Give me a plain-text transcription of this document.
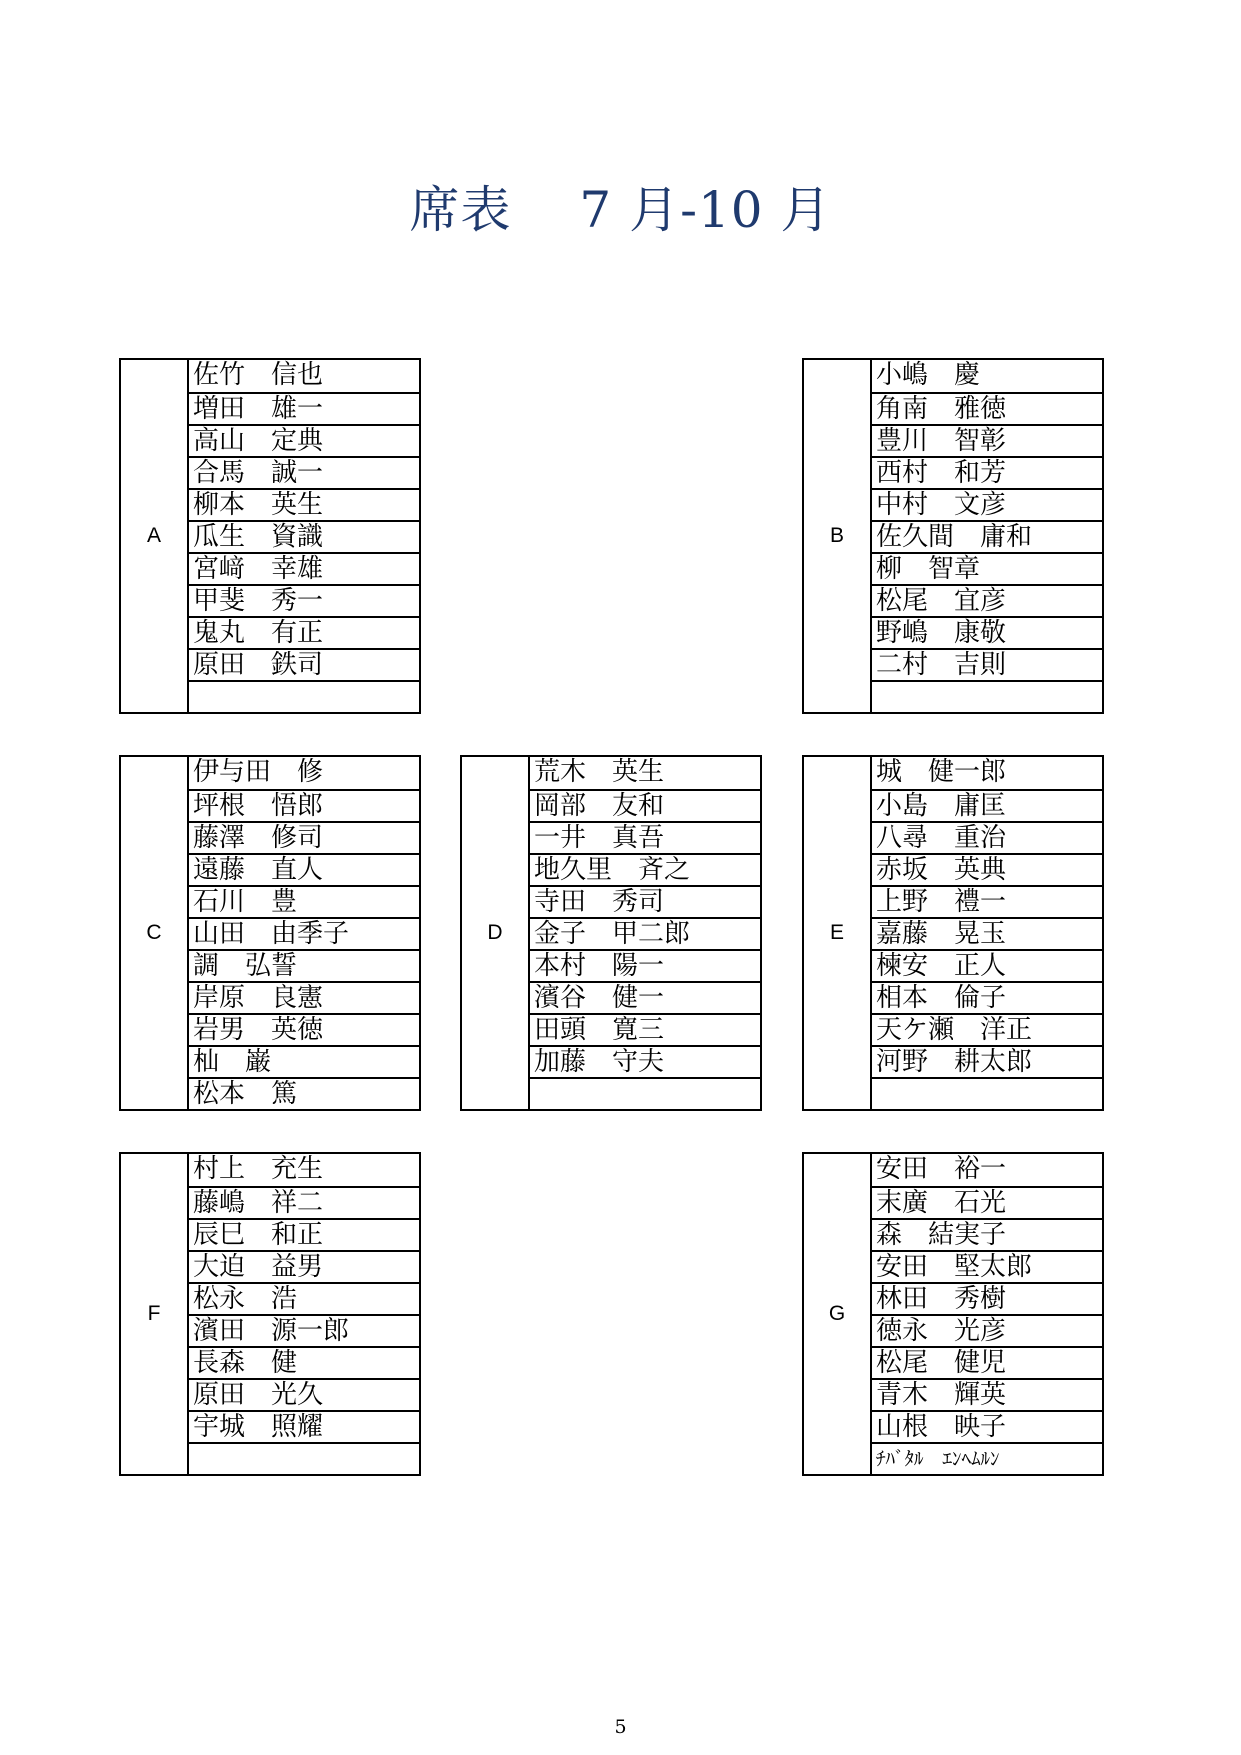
席表　 7 月-10 月
A
佐竹　信也
増田　雄一
高山　定典
合馬　誠一
柳本　英生
瓜生　資識
宮﨑　幸雄
甲斐　秀一
鬼丸　有正
原田　鉄司
B
小嶋　慶
角南　雅徳
豊川　智彰
西村　和芳
中村　文彦
佐久間　庸和
柳　智章
松尾　宜彦
野嶋　康敬
二村　吉則
C
伊与田　修
坪根　悟郎
藤澤　修司
遠藤　直人
石川　豊
山田　由季子
調　弘誓
岸原　良憲
岩男　英徳
杣　巌
松本　篤
D
荒木　英生
岡部　友和
一井　真吾
地久里　斉之
寺田　秀司
金子　甲二郎
本村　陽一
濱谷　健一
田頭　寛三
加藤　守夫
E
城　健一郎
小島　庸匡
八尋　重治
赤坂　英典
上野　禮一
嘉藤　晃玉
楝安　正人
相本　倫子
天ケ瀬　洋正
河野　耕太郎
F
村上　充生
藤嶋　祥二
辰巳　和正
大迫　益男
松永　浩
濱田　源一郎
長森　健
原田　光久
宇城　照耀
G
安田　裕一
末廣　石光
森　結実子
安田　堅太郎
林田　秀樹
徳永　光彦
松尾　健児
青木　輝英
山根　映子
ﾁﾊﾞﾀﾙ　ｴﾝﾍﾑﾙﾝ
5
